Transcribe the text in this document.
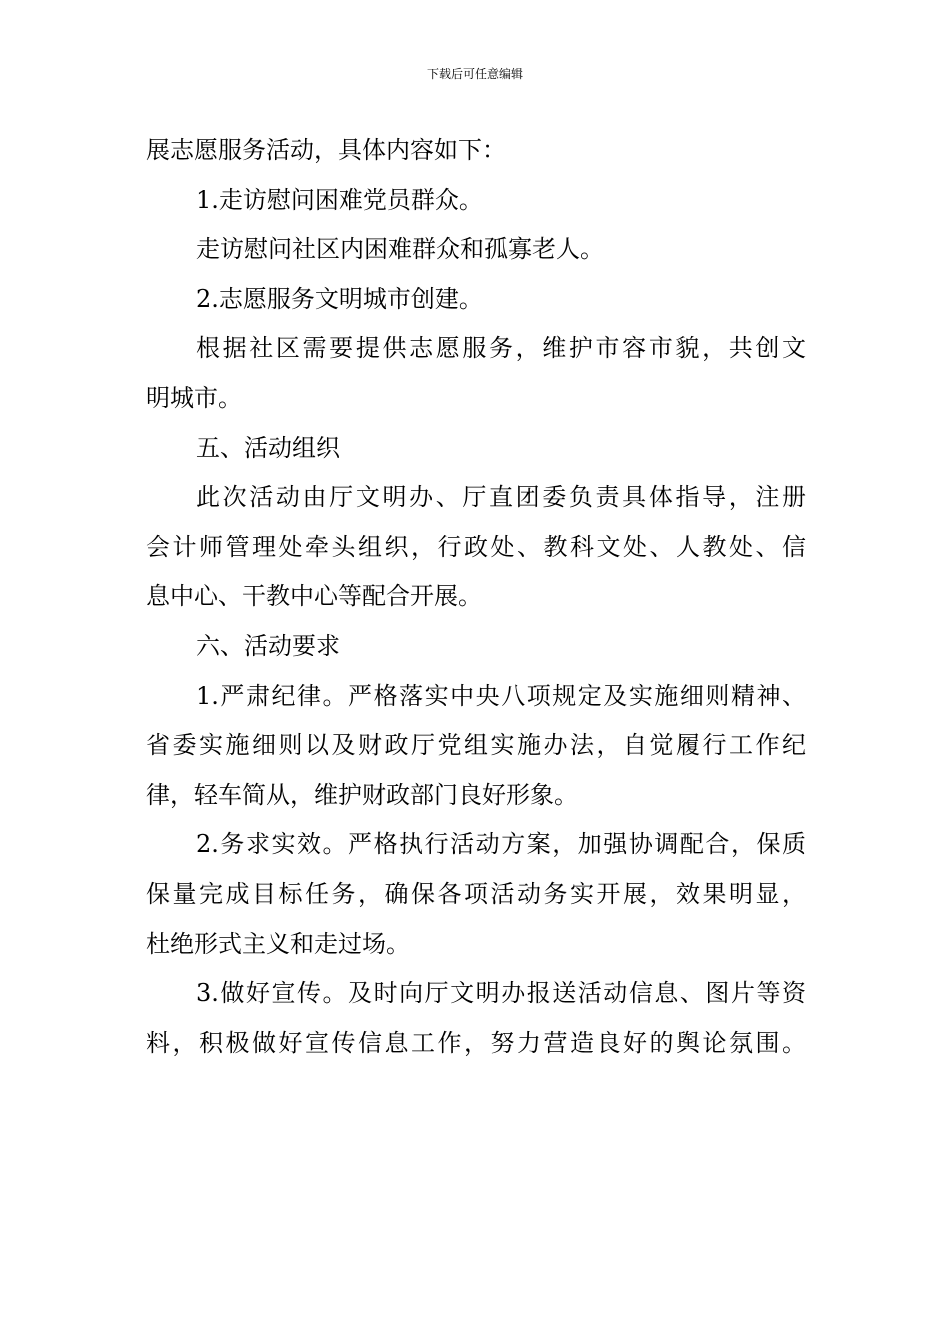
下载后可任意编辑
展志愿服务活动，具体内容如下：
1.走访慰问困难党员群众。
走访慰问社区内困难群众和孤寡老人。
2.志愿服务文明城市创建。
根据社区需要提供志愿服务，维护市容市貌，共创文
明城市。
五、活动组织
此次活动由厅文明办、厅直团委负责具体指导，注册
会计师管理处牵头组织，行政处、教科文处、人教处、信
息中心、干教中心等配合开展。
六、活动要求
1.严肃纪律。严格落实中央八项规定及实施细则精神、
省委实施细则以及财政厅党组实施办法，自觉履行工作纪
律，轻车简从，维护财政部门良好形象。
2.务求实效。严格执行活动方案，加强协调配合，保质
保量完成目标任务，确保各项活动务实开展，效果明显，
杜绝形式主义和走过场。
3.做好宣传。及时向厅文明办报送活动信息、图片等资
料，积极做好宣传信息工作，努力营造良好的舆论氛围。
